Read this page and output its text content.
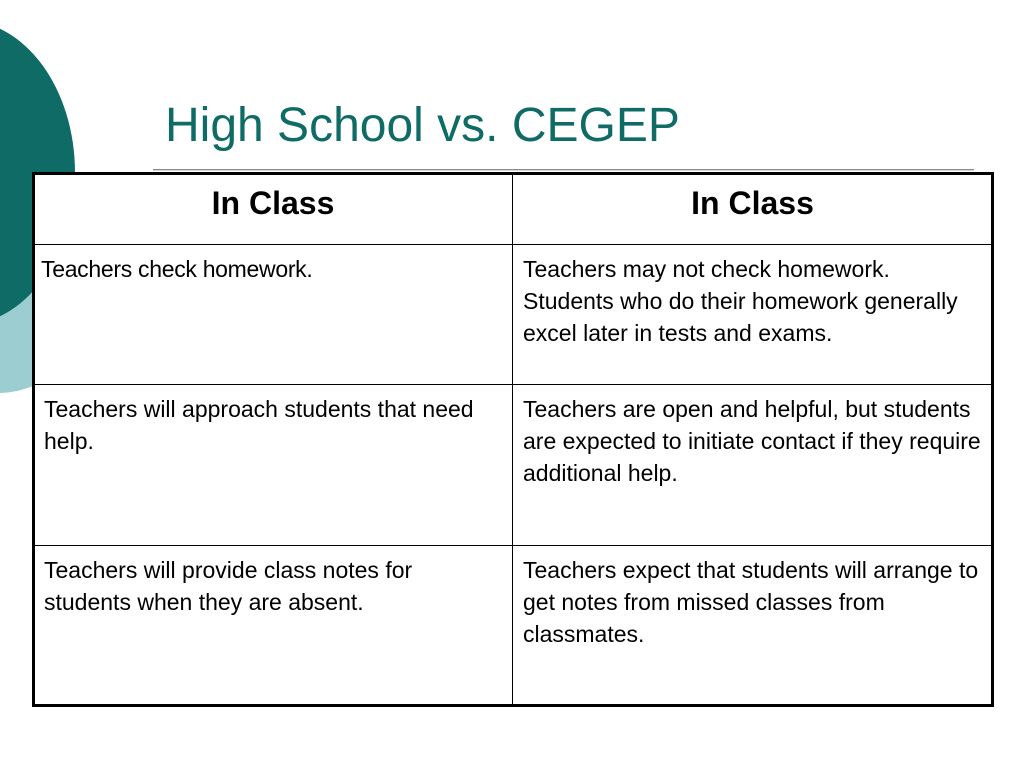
High School vs. CEGEP
In Class	In Class
Teachers check homework.	Teachers may not check homework. Students who do their homework generally excel later in tests and exams.
Teachers will approach students that need help.	Teachers are open and helpful, but students are expected to initiate contact if they require additional help.
Teachers will provide class notes for students when they are absent.	Teachers expect that students will arrange to get notes from missed classes from classmates.
